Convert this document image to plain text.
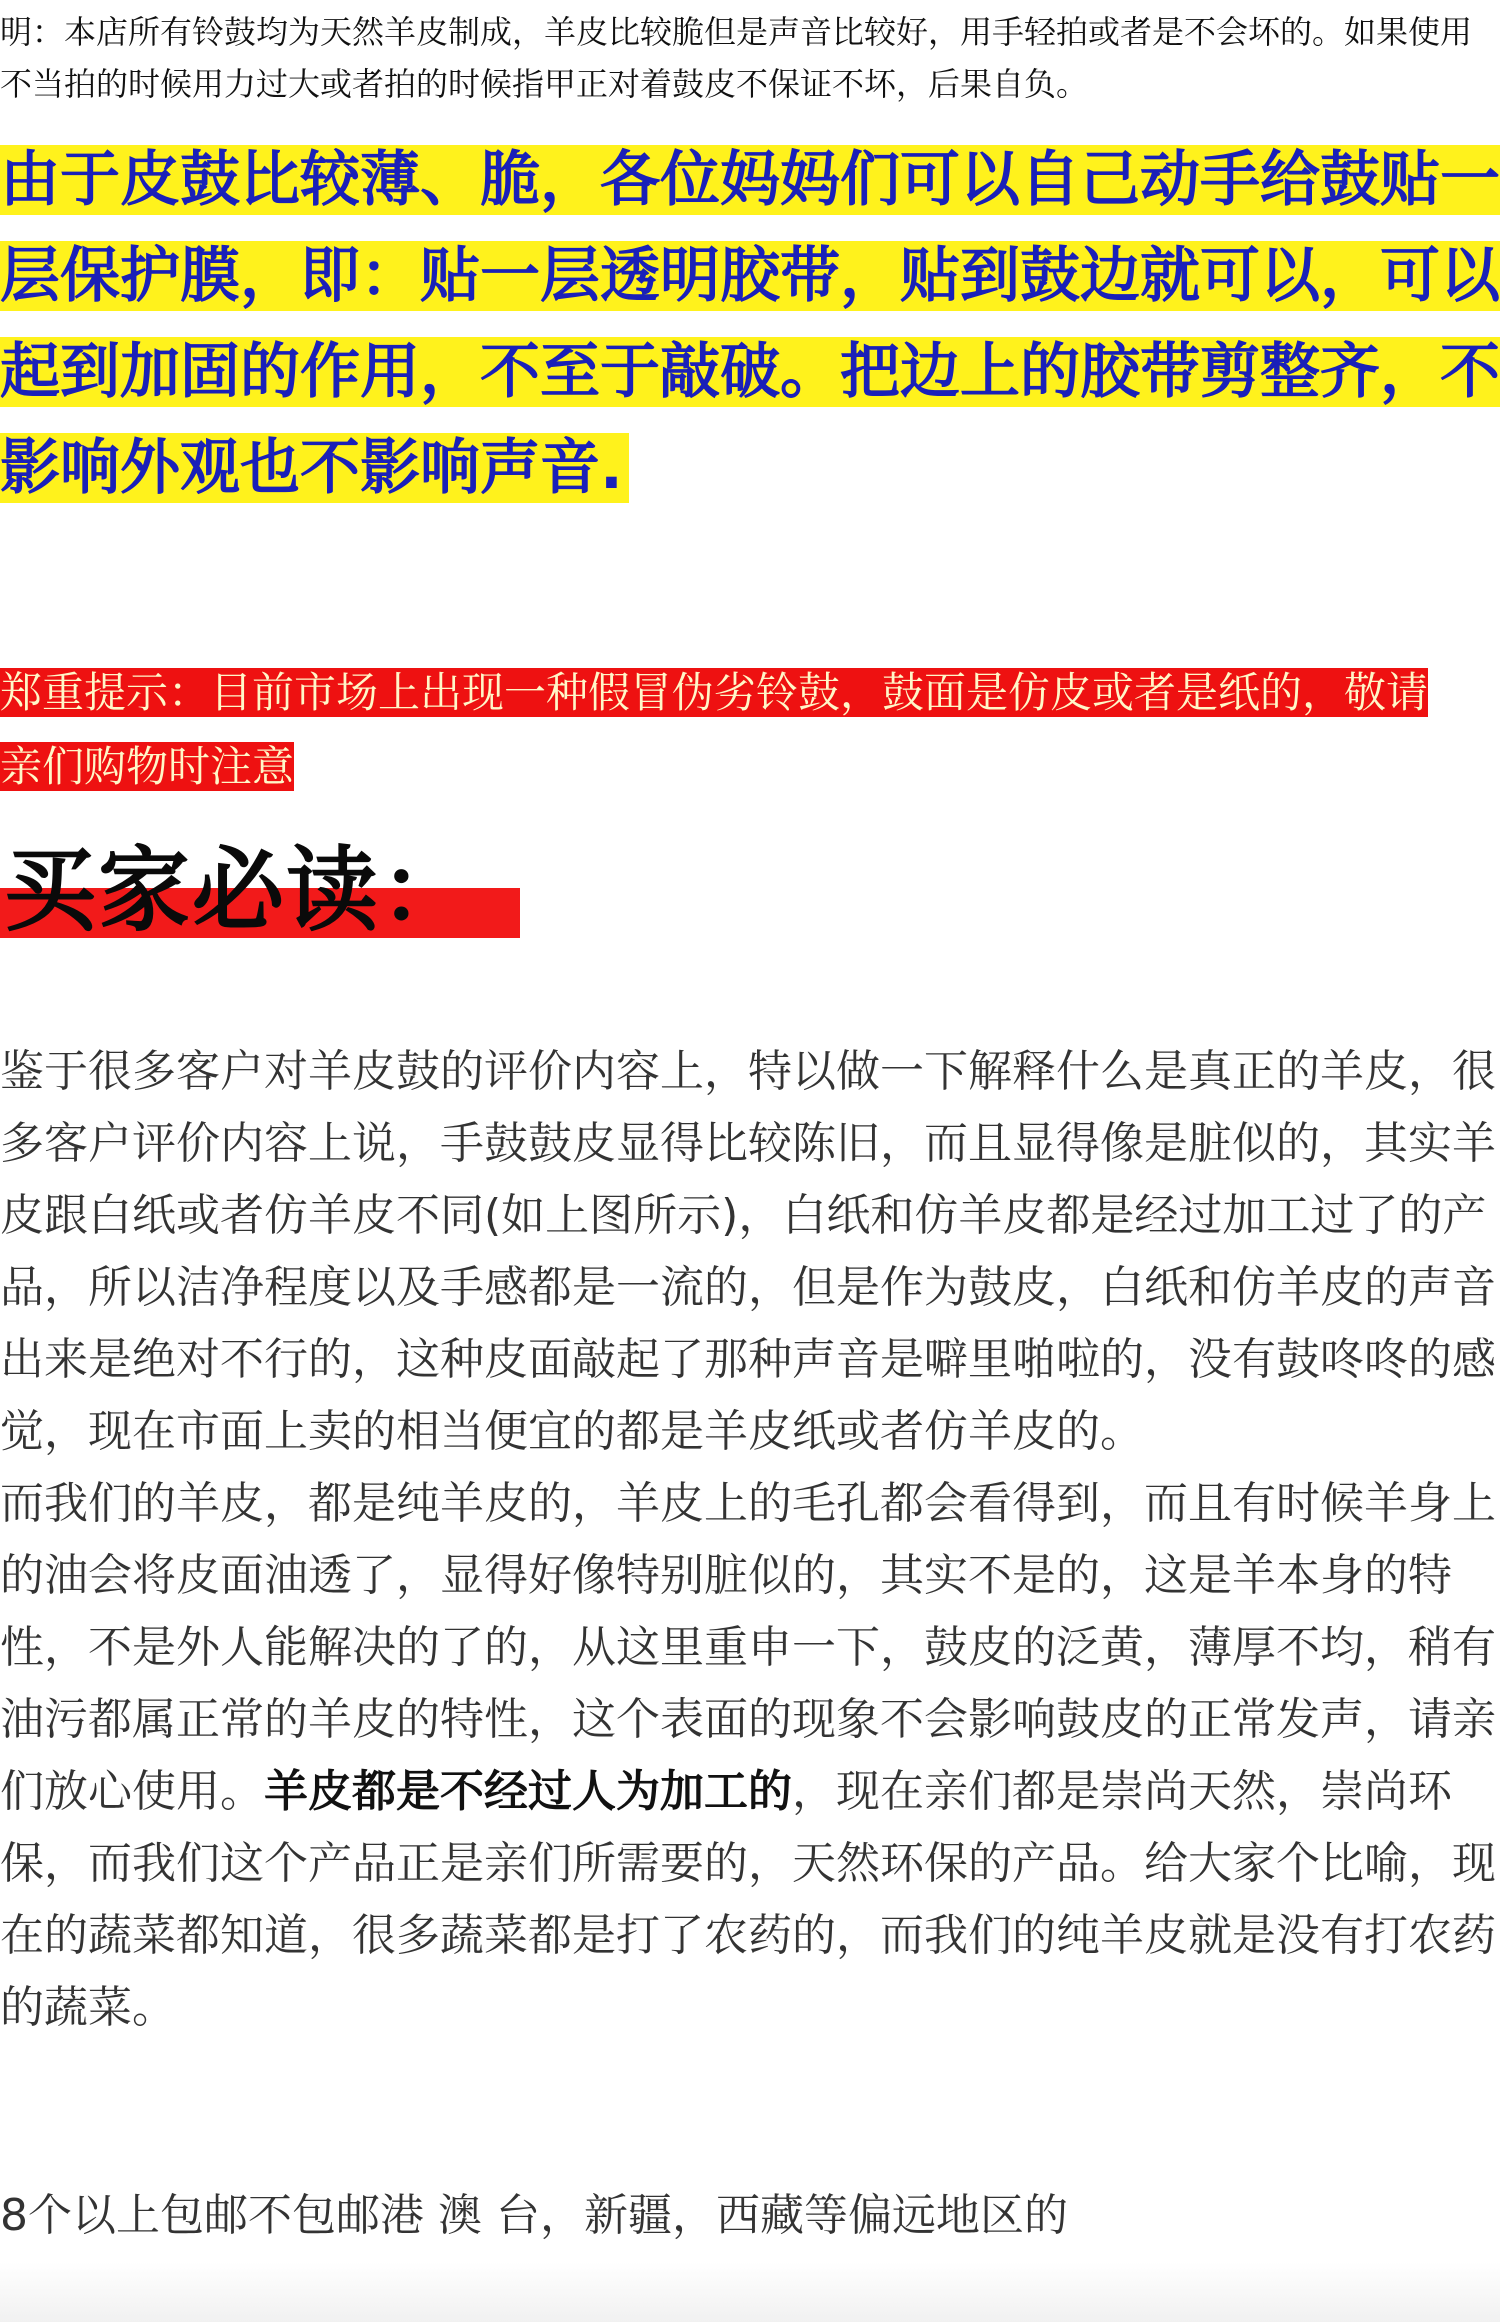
明：本店所有铃鼓均为天然羊皮制成，羊皮比较脆但是声音比较好，用手轻拍或者是不会坏的。如果使用不当拍的时候用力过大或者拍的时候指甲正对着鼓皮不保证不坏，后果自负。

由于皮鼓比较薄、脆，各位妈妈们可以自己动手给鼓贴一层保护膜，即：贴一层透明胶带，贴到鼓边就可以，可以起到加固的作用，不至于敲破。把边上的胶带剪整齐，不影响外观也不影响声音.

郑重提示：目前市场上出现一种假冒伪劣铃鼓，鼓面是仿皮或者是纸的，敬请亲们购物时注意

买家必读：

鉴于很多客户对羊皮鼓的评价内容上，特以做一下解释什么是真正的羊皮，很多客户评价内容上说，手鼓鼓皮显得比较陈旧，而且显得像是脏似的，其实羊皮跟白纸或者仿羊皮不同(如上图所示)，白纸和仿羊皮都是经过加工过了的产品，所以洁净程度以及手感都是一流的，但是作为鼓皮，白纸和仿羊皮的声音出来是绝对不行的，这种皮面敲起了那种声音是噼里啪啦的，没有鼓咚咚的感觉，现在市面上卖的相当便宜的都是羊皮纸或者仿羊皮的。

而我们的羊皮，都是纯羊皮的，羊皮上的毛孔都会看得到，而且有时候羊身上的油会将皮面油透了，显得好像特别脏似的，其实不是的，这是羊本身的特性，不是外人能解决的了的，从这里重申一下，鼓皮的泛黄，薄厚不均，稍有油污都属正常的羊皮的特性，这个表面的现象不会影响鼓皮的正常发声，请亲们放心使用。羊皮都是不经过人为加工的，现在亲们都是崇尚天然，崇尚环保，而我们这个产品正是亲们所需要的，天然环保的产品。给大家个比喻，现在的蔬菜都知道，很多蔬菜都是打了农药的，而我们的纯羊皮就是没有打农药的蔬菜。

8个以上包邮不包邮港 澳 台，新疆，西藏等偏远地区的
